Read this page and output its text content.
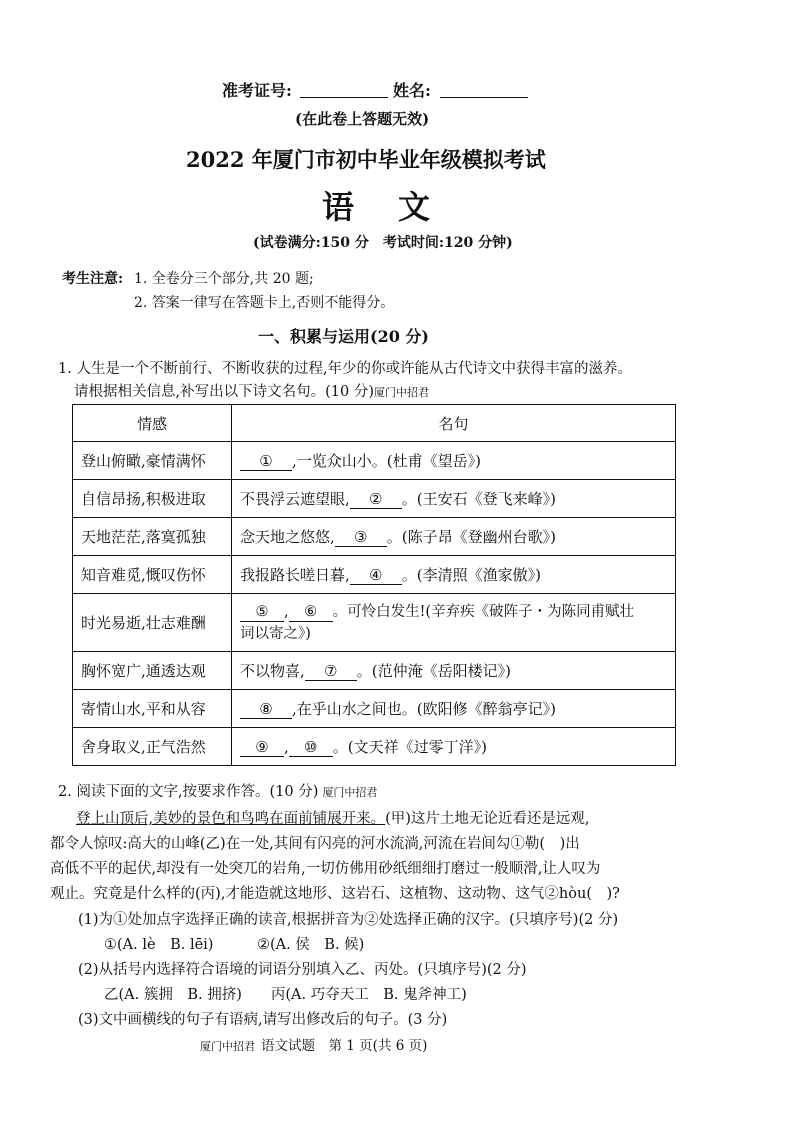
准考证号:	姓名:
(在此卷上答题无效)
2022 年厦门市初中毕业年级模拟考试
语　文
(试卷满分:150 分　考试时间:120 分钟)
考生注意: 1. 全卷分三个部分,共 20 题;
2. 答案一律写在答题卡上,否则不能得分。
一、积累与运用(20 分)
1. 人生是一个不断前行、不断收获的过程,年少的你或许能从古代诗文中获得丰富的滋养。
请根据相关信息,补写出以下诗文名句。(10 分)厦门中招君
情感	名句
登山俯瞰,豪情满怀	① ,一览众山小。(杜甫《望岳》)
自信昂扬,积极进取	不畏浮云遮望眼, ② 。(王安石《登飞来峰》)
天地茫茫,落寞孤独	念天地之悠悠, ③ 。(陈子昂《登幽州台歌》)
知音难觅,慨叹伤怀	我报路长嗟日暮, ④ 。(李清照《渔家傲》)
时光易逝,壮志难酬	⑤ , ⑥ 。可怜白发生!(辛弃疾《破阵子・为陈同甫赋壮
词以寄之》)
胸怀宽广,通透达观	不以物喜, ⑦ 。(范仲淹《岳阳楼记》)
寄情山水,平和从容	⑧ ,在乎山水之间也。(欧阳修《醉翁亭记》)
舍身取义,正气浩然	⑨ , ⑩ 。(文天祥《过零丁洋》)
2. 阅读下面的文字,按要求作答。(10 分) 厦门中招君
登上山顶后,美妙的景色和鸟鸣在面前铺展开来。(甲)这片土地无论近看还是远观,
都令人惊叹:高大的山峰(乙)在一处,其间有闪亮的河水流淌,河流在岩间勾①勒(　)出
高低不平的起伏,却没有一处突兀的岩角,一切仿佛用砂纸细细打磨过一般顺滑,让人叹为
观止。究竟是什么样的(丙),才能造就这地形、这岩石、这植物、这动物、这气②hòu(　)?
(1)为①处加点字选择正确的读音,根据拼音为②处选择正确的汉字。(只填序号)(2 分)
①(A. lè　B. lēi)　　　②(A. 侯　B. 候)
(2)从括号内选择符合语境的词语分别填入乙、丙处。(只填序号)(2 分)
乙(A. 簇拥　B. 拥挤)　　丙(A. 巧夺天工　B. 鬼斧神工)
(3)文中画横线的句子有语病,请写出修改后的句子。(3 分)
厦门中招君 语文试题　第 1 页(共 6 页)
